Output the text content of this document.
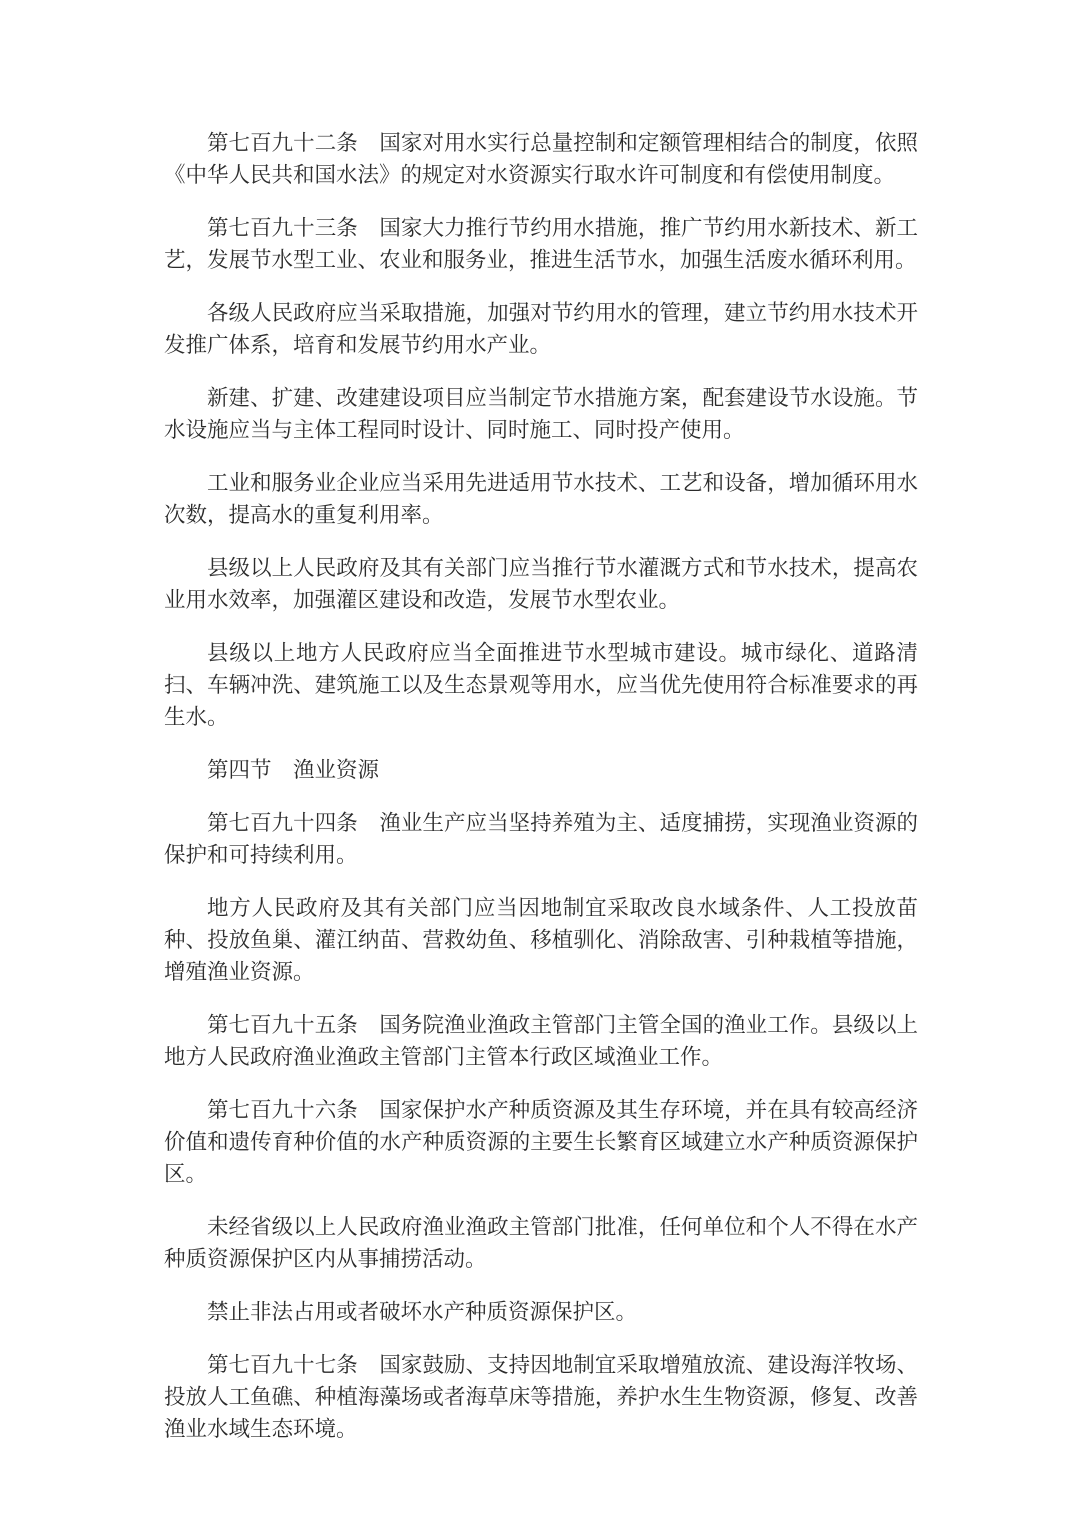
第七百九十二条　国家对用水实行总量控制和定额管理相结合的制度，依照《中华人民共和国水法》的规定对水资源实行取水许可制度和有偿使用制度。

第七百九十三条　国家大力推行节约用水措施，推广节约用水新技术、新工艺，发展节水型工业、农业和服务业，推进生活节水，加强生活废水循环利用。

各级人民政府应当采取措施，加强对节约用水的管理，建立节约用水技术开发推广体系，培育和发展节约用水产业。

新建、扩建、改建建设项目应当制定节水措施方案，配套建设节水设施。节水设施应当与主体工程同时设计、同时施工、同时投产使用。

工业和服务业企业应当采用先进适用节水技术、工艺和设备，增加循环用水次数，提高水的重复利用率。

县级以上人民政府及其有关部门应当推行节水灌溉方式和节水技术，提高农业用水效率，加强灌区建设和改造，发展节水型农业。

县级以上地方人民政府应当全面推进节水型城市建设。城市绿化、道路清扫、车辆冲洗、建筑施工以及生态景观等用水，应当优先使用符合标准要求的再生水。

第四节　渔业资源

第七百九十四条　渔业生产应当坚持养殖为主、适度捕捞，实现渔业资源的保护和可持续利用。

地方人民政府及其有关部门应当因地制宜采取改良水域条件、人工投放苗种、投放鱼巢、灌江纳苗、营救幼鱼、移植驯化、消除敌害、引种栽植等措施，增殖渔业资源。

第七百九十五条　国务院渔业渔政主管部门主管全国的渔业工作。县级以上地方人民政府渔业渔政主管部门主管本行政区域渔业工作。

第七百九十六条　国家保护水产种质资源及其生存环境，并在具有较高经济价值和遗传育种价值的水产种质资源的主要生长繁育区域建立水产种质资源保护区。

未经省级以上人民政府渔业渔政主管部门批准，任何单位和个人不得在水产种质资源保护区内从事捕捞活动。

禁止非法占用或者破坏水产种质资源保护区。

第七百九十七条　国家鼓励、支持因地制宜采取增殖放流、建设海洋牧场、投放人工鱼礁、种植海藻场或者海草床等措施，养护水生生物资源，修复、改善渔业水域生态环境。
